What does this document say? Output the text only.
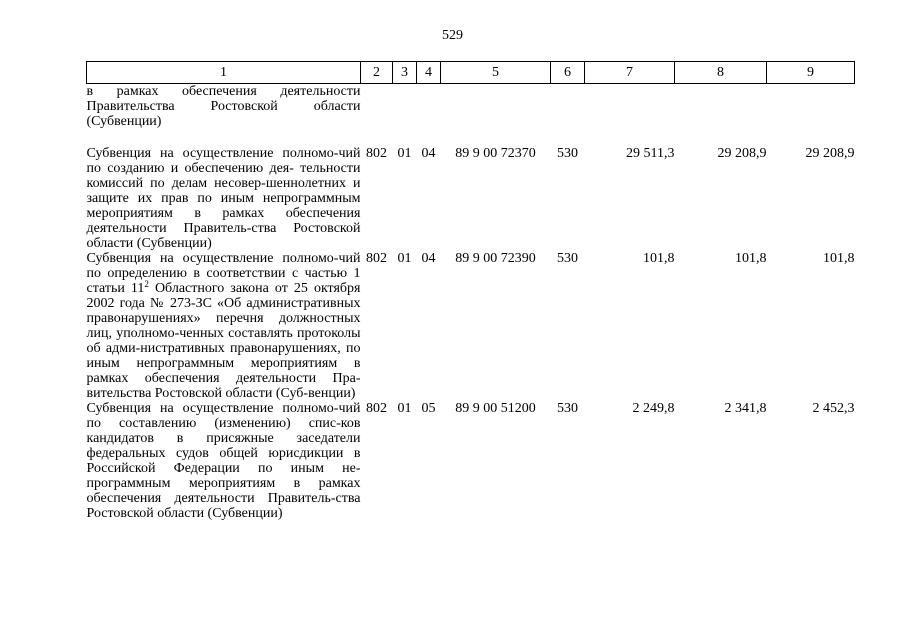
529
1	2	3	4	5	6	7	8	9
в рамках обеспечения деятельности Правительства Ростовской области (Субвенции)								
Субвенция на осуществление полномо-чий по созданию и обеспечению дея- тельности комиссий по делам несовер-шеннолетних и защите их прав по иным непрограммным мероприятиям в рамках обеспечения деятельности Правитель-ства Ростовской области (Субвенции)	802	01	04	89 9 00 72370	530	29 511,3	29 208,9	29 208,9
Субвенция на осуществление полномо-чий по определению в соответствии с частью 1 статьи $11^2$ Областного закона от 25 октября 2002 года № 273-ЗС «Об административных правонарушениях» перечня должностных лиц, уполномо-ченных составлять протоколы об адми-нистративных правонарушениях, по иным непрограммным мероприятиям в рамках обеспечения деятельности Пра-вительства Ростовской области (Суб-венции)	802	01	04	89 9 00 72390	530	101,8	101,8	101,8
Субвенция на осуществление полномо-чий по составлению (изменению) спис-ков кандидатов в присяжные заседатели федеральных судов общей юрисдикции в Российской Федерации по иным не-программным мероприятиям в рамках обеспечения деятельности Правитель-ства Ростовской области (Субвенции)	802	01	05	89 9 00 51200	530	2 249,8	2 341,8	2 452,3
